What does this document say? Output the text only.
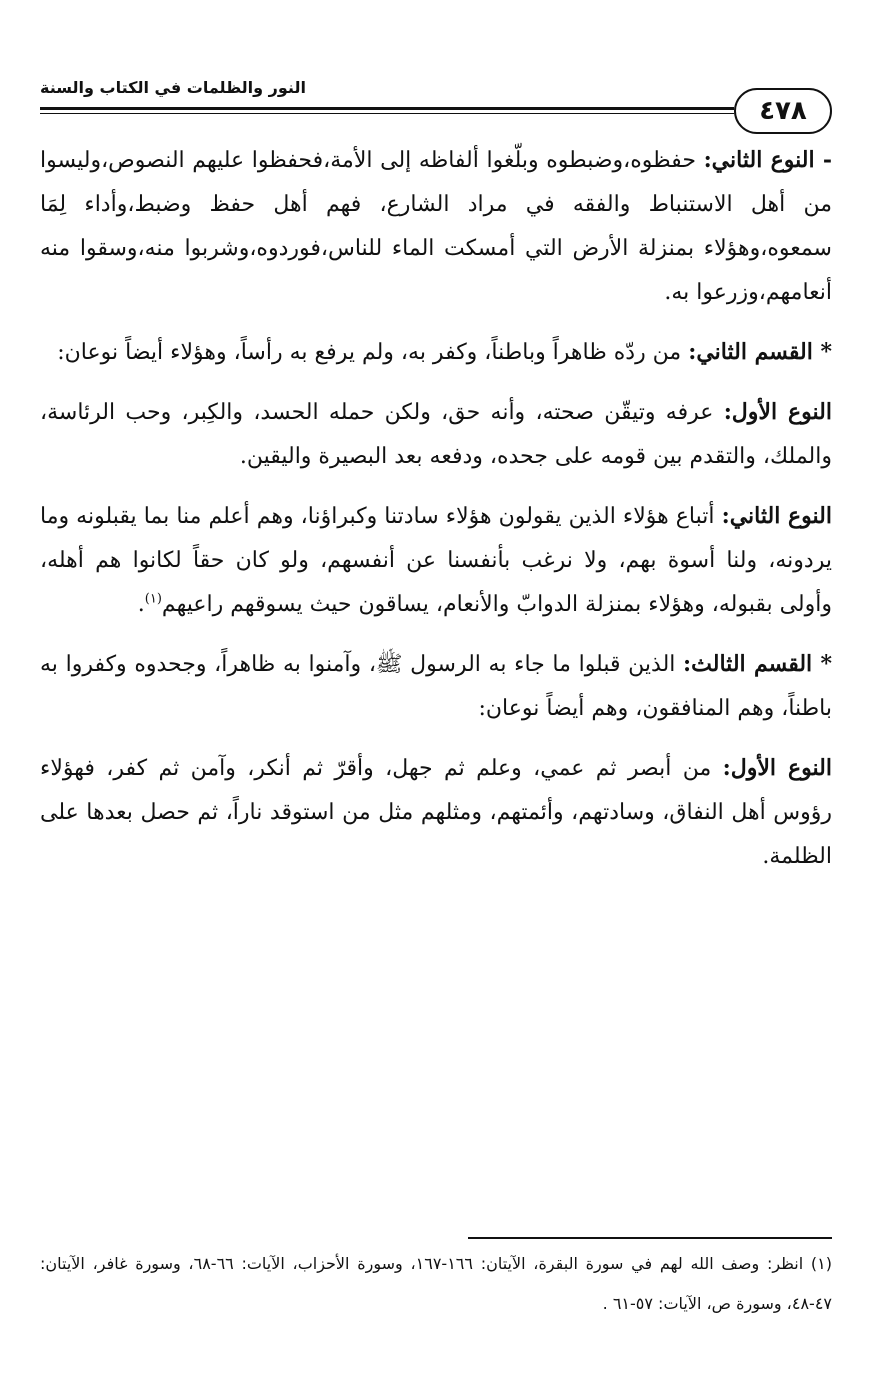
النور والظلمات في الكتاب والسنة
٤٧٨

- النوع الثاني: حفظوه،وضبطوه وبلّغوا ألفاظه إلى الأمة،فحفظوا عليهم النصوص،وليسوا من أهل الاستنباط والفقه في مراد الشارع، فهم أهل حفظ وضبط،وأداء لِمَا سمعوه،وهؤلاء بمنزلة الأرض التي أمسكت الماء للناس،فوردوه،وشربوا منه،وسقوا منه أنعامهم،وزرعوا به.

* القسم الثاني: من ردّه ظاهراً وباطناً، وكفر به، ولم يرفع به رأساً، وهؤلاء أيضاً نوعان:

النوع الأول: عرفه وتيقّن صحته، وأنه حق، ولكن حمله الحسد، والكِبر، وحب الرئاسة، والملك، والتقدم بين قومه على جحده، ودفعه بعد البصيرة واليقين.

النوع الثاني: أتباع هؤلاء الذين يقولون هؤلاء سادتنا وكبراؤنا، وهم أعلم منا بما يقبلونه وما يردونه، ولنا أسوة بهم، ولا نرغب بأنفسنا عن أنفسهم، ولو كان حقاً لكانوا هم أهله، وأولى بقبوله، وهؤلاء بمنزلة الدوابّ والأنعام، يساقون حيث يسوقهم راعيهم$^{(١)}$.

* القسم الثالث: الذين قبلوا ما جاء به الرسول ﷺ، وآمنوا به ظاهراً، وجحدوه وكفروا به باطناً، وهم المنافقون، وهم أيضاً نوعان:

النوع الأول: من أبصر ثم عمي، وعلم ثم جهل، وأقرّ ثم أنكر، وآمن ثم كفر، فهؤلاء رؤوس أهل النفاق، وسادتهم، وأئمتهم، ومثلهم مثل من استوقد ناراً، ثم حصل بعدها على الظلمة.

(١) انظر: وصف الله لهم في سورة البقرة، الآيتان: ١٦٦-١٦٧، وسورة الأحزاب، الآيات: ٦٦-٦٨، وسورة غافر، الآيتان: ٤٧-٤٨، وسورة ص، الآيات: ٥٧-٦١ .
